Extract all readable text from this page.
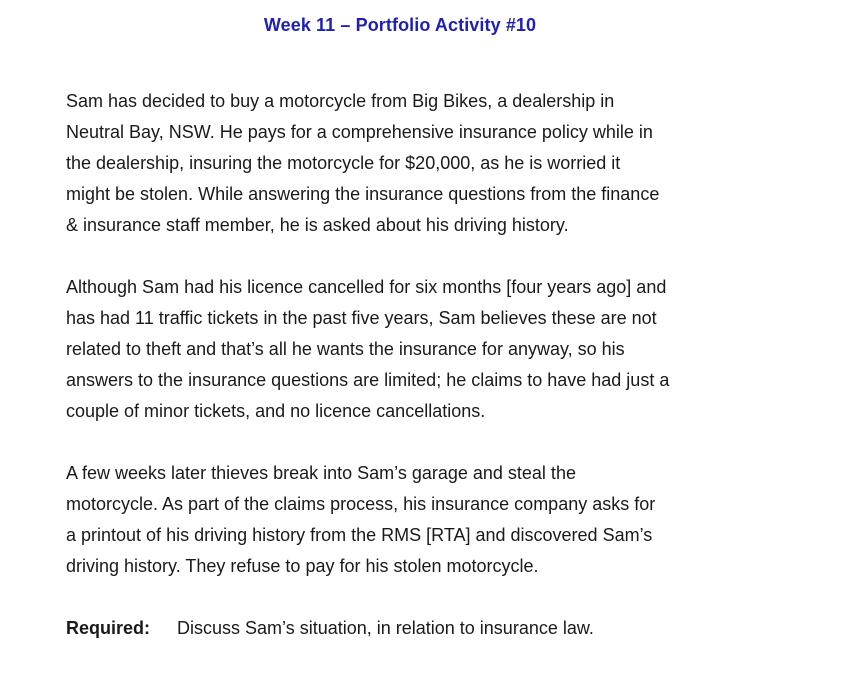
Week 11 – Portfolio Activity #10

Sam has decided to buy a motorcycle from Big Bikes, a dealership in
Neutral Bay, NSW. He pays for a comprehensive insurance policy while in
the dealership, insuring the motorcycle for $20,000, as he is worried it
might be stolen. While answering the insurance questions from the finance
& insurance staff member, he is asked about his driving history.

Although Sam had his licence cancelled for six months [four years ago] and
has had 11 traffic tickets in the past five years, Sam believes these are not
related to theft and that’s all he wants the insurance for anyway, so his
answers to the insurance questions are limited; he claims to have had just a
couple of minor tickets, and no licence cancellations.

A few weeks later thieves break into Sam’s garage and steal the
motorcycle. As part of the claims process, his insurance company asks for
a printout of his driving history from the RMS [RTA] and discovered Sam’s
driving history. They refuse to pay for his stolen motorcycle.

Required: Discuss Sam’s situation, in relation to insurance law.
